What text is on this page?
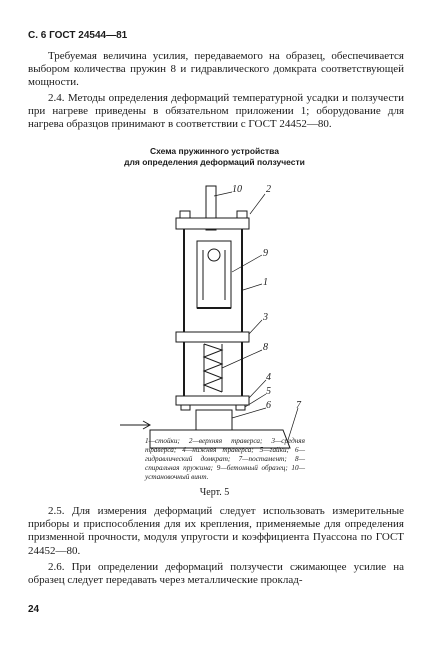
С. 6 ГОСТ 24544—81
Требуемая величина усилия, передаваемого на образец, обеспечивается выбором количества пружин 8 и гидравлического домкрата соответствующей мощности.
2.4. Методы определения деформаций температурной усадки и ползучести при нагреве приведены в обязательном приложении 1; оборудование для нагрева образцов принимают в соответствии с ГОСТ 24452—80.
Схема пружинного устройства
для определения деформаций ползучести
10 2
9
1
3
8
4
5
6	7
1—стойки; 2—верхняя траверса; 3—средняя траверса; 4—нижняя траверса; 5—гайки; 6—гидравлический домкрат; 7—постамент; 8—спиральная пружина; 9—бетонный образец; 10—установочный винт.
Черт. 5
2.5. Для измерения деформаций следует использовать измерительные приборы и приспособления для их крепления, применяемые для определения призменной прочности, модуля упругости и коэффициента Пуассона по ГОСТ 24452—80.
2.6. При определении деформаций ползучести сжимающее усилие на образец следует передавать через металлические проклад-
24
